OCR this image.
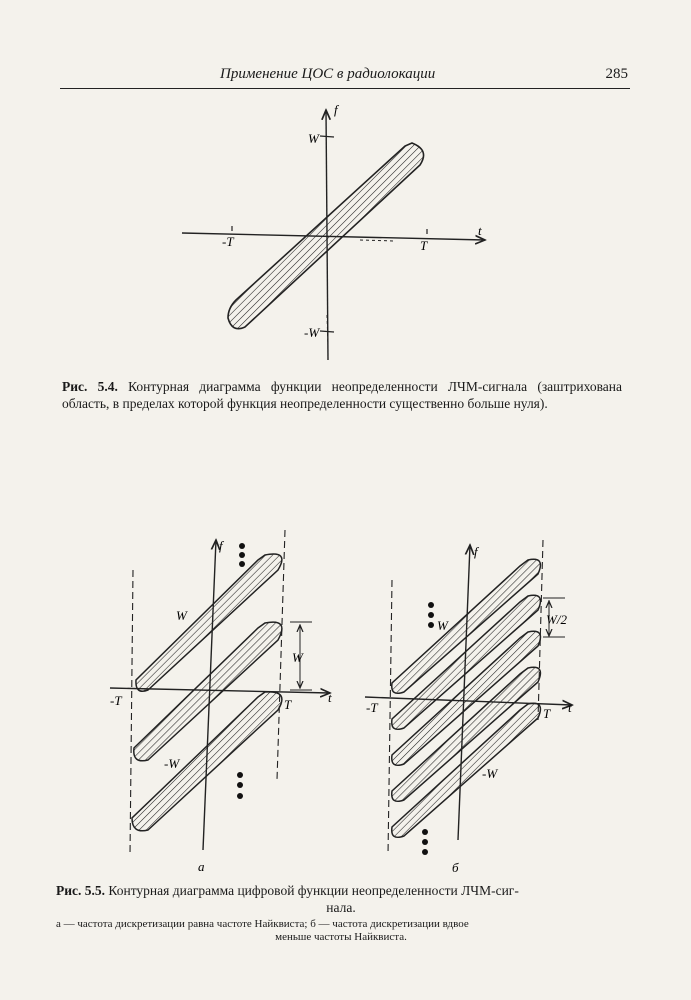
Применение ЦОС в радиолокации	285
f
t
W
-W
-T	T
f
t
W
-W
W
-T	T
а
f
t
W
-W
W/2
-T	T
б
Рис. 5.4. Контурная диаграмма функции неопределенности ЛЧМ-сигнала (заштрихована область, в пределах которой функция неопределенности существенно больше нуля).
Рис. 5.5. Контурная диаграмма цифровой функции неопределенности ЛЧМ-сиг-
нала.
а — частота дискретизации равна частоте Найквиста; б — частота дискретизации вдвое
меньше частоты Найквиста.
